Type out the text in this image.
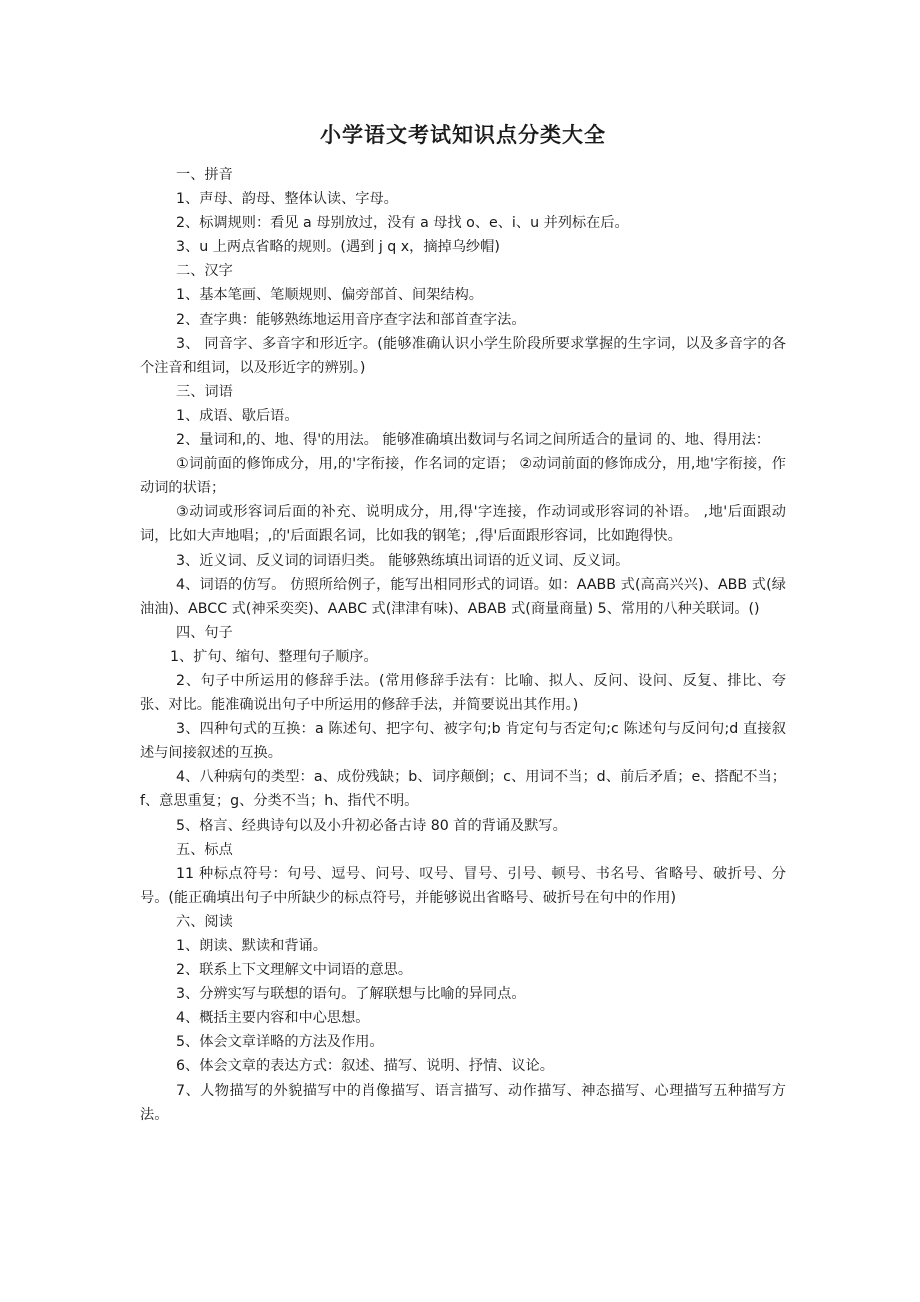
小学语文考试知识点分类大全

一、拼音

1、声母、韵母、整体认读、字母。

2、标调规则：看见 a 母别放过，没有 a 母找 o、e、i、u 并列标在后。

3、u 上两点省略的规则。(遇到 j q x，摘掉乌纱帽)

二、汉字

1、基本笔画、笔顺规则、偏旁部首、间架结构。

2、查字典：能够熟练地运用音序查字法和部首查字法。

3、 同音字、多音字和形近字。(能够准确认识小学生阶段所要求掌握的生字词，以及多音字的各个注音和组词，以及形近字的辨别。)

三、词语

1、成语、歇后语。

2、量词和,的、地、得'的用法。 能够准确填出数词与名词之间所适合的量词 的、地、得用法：

①词前面的修饰成分，用,的'字衔接，作名词的定语； ②动词前面的修饰成分，用,地'字衔接，作动词的状语；

③动词或形容词后面的补充、说明成分，用,得'字连接，作动词或形容词的补语。 ,地'后面跟动词，比如大声地唱；,的'后面跟名词，比如我的钢笔；,得'后面跟形容词，比如跑得快。

3、近义词、反义词的词语归类。 能够熟练填出词语的近义词、反义词。

4、词语的仿写。 仿照所给例子，能写出相同形式的词语。如：AABB 式(高高兴兴)、ABB 式(绿油油)、ABCC 式(神采奕奕)、AABC 式(津津有味)、ABAB 式(商量商量) 5、常用的八种关联词。()

四、句子

1、扩句、缩句、整理句子顺序。

2、句子中所运用的修辞手法。(常用修辞手法有：比喻、拟人、反问、设问、反复、排比、夸张、对比。能准确说出句子中所运用的修辞手法，并简要说出其作用。)

3、四种句式的互换：a 陈述句、把字句、被字句;b 肯定句与否定句;c 陈述句与反问句;d 直接叙述与间接叙述的互换。

4、八种病句的类型：a、成份残缺；b、词序颠倒；c、用词不当；d、前后矛盾；e、搭配不当；f、意思重复；g、分类不当；h、指代不明。

5、格言、经典诗句以及小升初必备古诗 80 首的背诵及默写。

五、标点

11 种标点符号：句号、逗号、问号、叹号、冒号、引号、顿号、书名号、省略号、破折号、分号。(能正确填出句子中所缺少的标点符号，并能够说出省略号、破折号在句中的作用)

六、阅读

1、朗读、默读和背诵。

2、联系上下文理解文中词语的意思。

3、分辨实写与联想的语句。了解联想与比喻的异同点。

4、概括主要内容和中心思想。

5、体会文章详略的方法及作用。

6、体会文章的表达方式：叙述、描写、说明、抒情、议论。

7、人物描写的外貌描写中的肖像描写、语言描写、动作描写、神态描写、心理描写五种描写方法。
